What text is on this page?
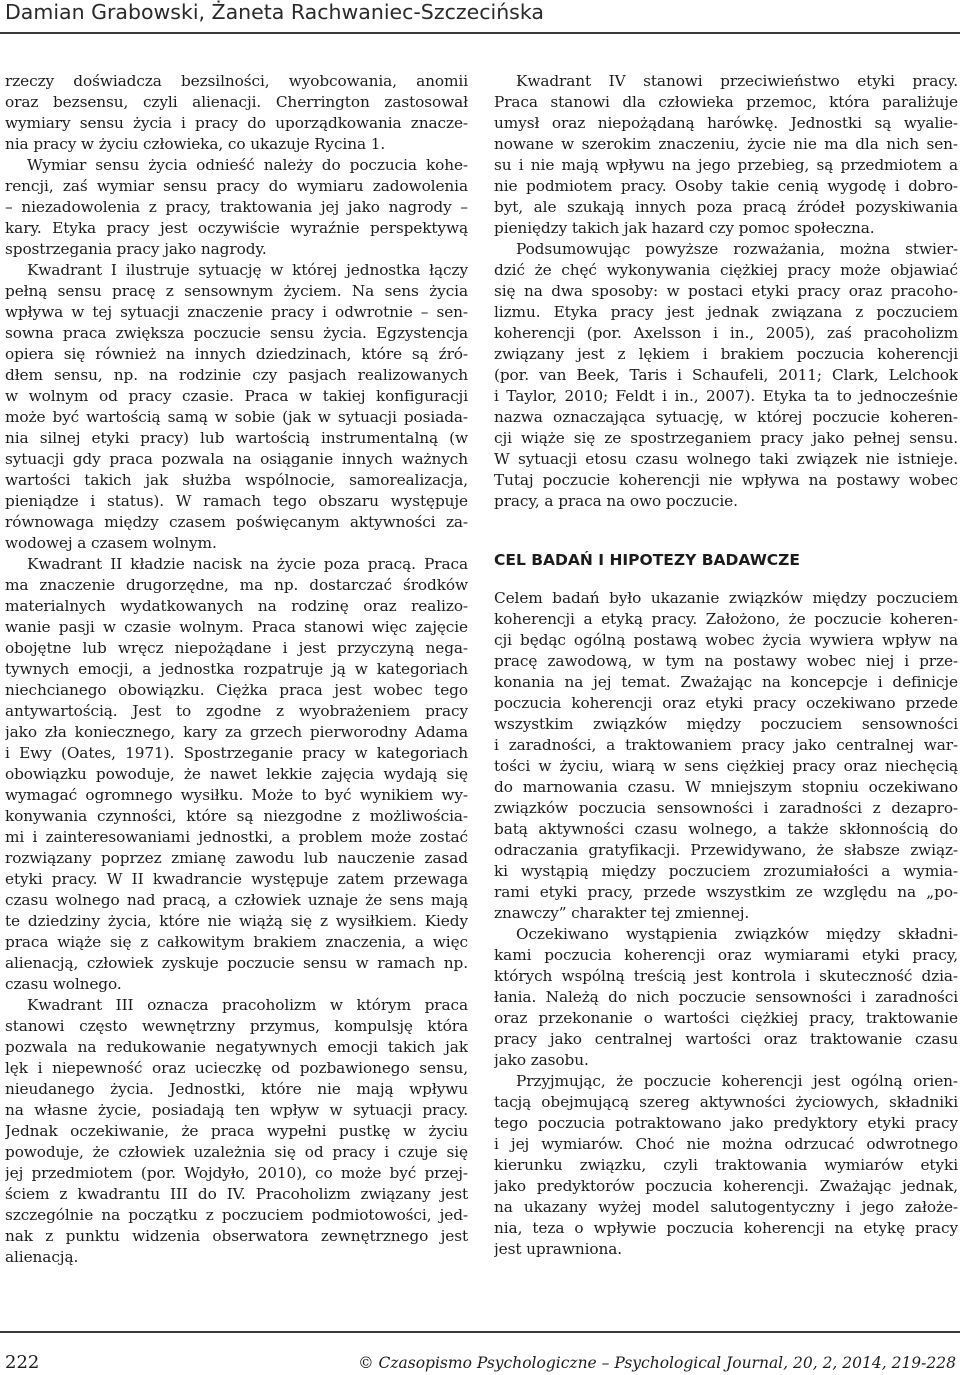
Damian Grabowski, Żaneta Rachwaniec-Szczecińska
rzeczy doświadcza bezsilności, wyobcowania, anomii
oraz bezsensu, czyli alienacji. Cherrington zastosował
wymiary sensu życia i pracy do uporządkowania znacze-
nia pracy w życiu człowieka, co ukazuje Rycina 1.
Wymiar sensu życia odnieść należy do poczucia kohe-
rencji, zaś wymiar sensu pracy do wymiaru zadowolenia
– niezadowolenia z pracy, traktowania jej jako nagrody –
kary. Etyka pracy jest oczywiście wyraźnie perspektywą
spostrzegania pracy jako nagrody.
Kwadrant I ilustruje sytuację w której jednostka łączy
pełną sensu pracę z sensownym życiem. Na sens życia
wpływa w tej sytuacji znaczenie pracy i odwrotnie – sen-
sowna praca zwiększa poczucie sensu życia. Egzystencja
opiera się również na innych dziedzinach, które są źró-
dłem sensu, np. na rodzinie czy pasjach realizowanych
w wolnym od pracy czasie. Praca w takiej konfiguracji
może być wartością samą w sobie (jak w sytuacji posiada-
nia silnej etyki pracy) lub wartością instrumentalną (w
sytuacji gdy praca pozwala na osiąganie innych ważnych
wartości takich jak służba wspólnocie, samorealizacja,
pieniądze i status). W ramach tego obszaru występuje
równowaga między czasem poświęcanym aktywności za-
wodowej a czasem wolnym.
Kwadrant II kładzie nacisk na życie poza pracą. Praca
ma znaczenie drugorzędne, ma np. dostarczać środków
materialnych wydatkowanych na rodzinę oraz realizo-
wanie pasji w czasie wolnym. Praca stanowi więc zajęcie
obojętne lub wręcz niepożądane i jest przyczyną nega-
tywnych emocji, a jednostka rozpatruje ją w kategoriach
niechcianego obowiązku. Ciężka praca jest wobec tego
antywartością. Jest to zgodne z wyobrażeniem pracy
jako zła koniecznego, kary za grzech pierworodny Adama
i Ewy (Oates, 1971). Spostrzeganie pracy w kategoriach
obowiązku powoduje, że nawet lekkie zajęcia wydają się
wymagać ogromnego wysiłku. Może to być wynikiem wy-
konywania czynności, które są niezgodne z możliwościa-
mi i zainteresowaniami jednostki, a problem może zostać
rozwiązany poprzez zmianę zawodu lub nauczenie zasad
etyki pracy. W II kwadrancie występuje zatem przewaga
czasu wolnego nad pracą, a człowiek uznaje że sens mają
te dziedziny życia, które nie wiążą się z wysiłkiem. Kiedy
praca wiąże się z całkowitym brakiem znaczenia, a więc
alienacją, człowiek zyskuje poczucie sensu w ramach np.
czasu wolnego.
Kwadrant III oznacza pracoholizm w którym praca
stanowi często wewnętrzny przymus, kompulsję która
pozwala na redukowanie negatywnych emocji takich jak
lęk i niepewność oraz ucieczkę od pozbawionego sensu,
nieudanego życia. Jednostki, które nie mają wpływu
na własne życie, posiadają ten wpływ w sytuacji pracy.
Jednak oczekiwanie, że praca wypełni pustkę w życiu
powoduje, że człowiek uzależnia się od pracy i czuje się
jej przedmiotem (por. Wojdyło, 2010), co może być przej-
ściem z kwadrantu III do IV. Pracoholizm związany jest
szczególnie na początku z poczuciem podmiotowości, jed-
nak z punktu widzenia obserwatora zewnętrznego jest
alienacją.
Kwadrant IV stanowi przeciwieństwo etyki pracy.
Praca stanowi dla człowieka przemoc, która paraliżuje
umysł oraz niepożądaną harówkę. Jednostki są wyalie-
nowane w szerokim znaczeniu, życie nie ma dla nich sen-
su i nie mają wpływu na jego przebieg, są przedmiotem a
nie podmiotem pracy. Osoby takie cenią wygodę i dobro-
byt, ale szukają innych poza pracą źródeł pozyskiwania
pieniędzy takich jak hazard czy pomoc społeczna.
Podsumowując powyższe rozważania, można stwier-
dzić że chęć wykonywania ciężkiej pracy może objawiać
się na dwa sposoby: w postaci etyki pracy oraz pracoho-
lizmu. Etyka pracy jest jednak związana z poczuciem
koherencji (por. Axelsson i in., 2005), zaś pracoholizm
związany jest z lękiem i brakiem poczucia koherencji
(por. van Beek, Taris i Schaufeli, 2011; Clark, Lelchook
i Taylor, 2010; Feldt i in., 2007). Etyka ta to jednocześnie
nazwa oznaczająca sytuację, w której poczucie koheren-
cji wiąże się ze spostrzeganiem pracy jako pełnej sensu.
W sytuacji etosu czasu wolnego taki związek nie istnieje.
Tutaj poczucie koherencji nie wpływa na postawy wobec
pracy, a praca na owo poczucie.
CEL BADAŃ I HIPOTEZY BADAWCZE
Celem badań było ukazanie związków między poczuciem
koherencji a etyką pracy. Założono, że poczucie koheren-
cji będąc ogólną postawą wobec życia wywiera wpływ na
pracę zawodową, w tym na postawy wobec niej i prze-
konania na jej temat. Zważając na koncepcje i definicje
poczucia koherencji oraz etyki pracy oczekiwano przede
wszystkim związków między poczuciem sensowności
i zaradności, a traktowaniem pracy jako centralnej war-
tości w życiu, wiarą w sens ciężkiej pracy oraz niechęcią
do marnowania czasu. W mniejszym stopniu oczekiwano
związków poczucia sensowności i zaradności z dezapro-
batą aktywności czasu wolnego, a także skłonnością do
odraczania gratyfikacji. Przewidywano, że słabsze związ-
ki wystąpią między poczuciem zrozumiałości a wymia-
rami etyki pracy, przede wszystkim ze względu na „po-
znawczy” charakter tej zmiennej.
Oczekiwano wystąpienia związków między składni-
kami poczucia koherencji oraz wymiarami etyki pracy,
których wspólną treścią jest kontrola i skuteczność dzia-
łania. Należą do nich poczucie sensowności i zaradności
oraz przekonanie o wartości ciężkiej pracy, traktowanie
pracy jako centralnej wartości oraz traktowanie czasu
jako zasobu.
Przyjmując, że poczucie koherencji jest ogólną orien-
tacją obejmującą szereg aktywności życiowych, składniki
tego poczucia potraktowano jako predyktory etyki pracy
i jej wymiarów. Choć nie można odrzucać odwrotnego
kierunku związku, czyli traktowania wymiarów etyki
jako predyktorów poczucia koherencji. Zważając jednak,
na ukazany wyżej model salutogentyczny i jego założe-
nia, teza o wpływie poczucia koherencji na etykę pracy
jest uprawniona.
222	© Czasopismo Psychologiczne – Psychological Journal, 20, 2, 2014, 219-228
